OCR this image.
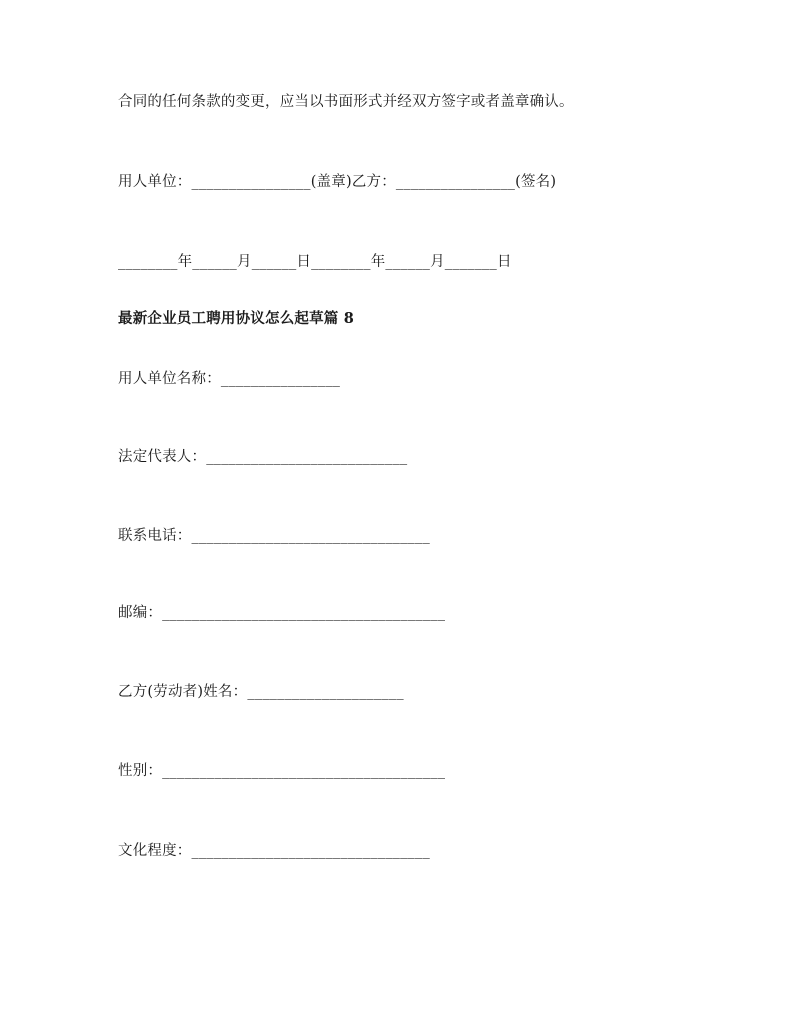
合同的任何条款的变更，应当以书面形式并经双方签字或者盖章确认。
用人单位：________________(盖章)乙方：________________(签名)
________年______月______日________年______月_______日
最新企业员工聘用协议怎么起草篇 8
用人单位名称：________________
法定代表人：___________________________
联系电话：________________________________
邮编：______________________________________
乙方(劳动者)姓名：_____________________
性别：______________________________________
文化程度：________________________________
